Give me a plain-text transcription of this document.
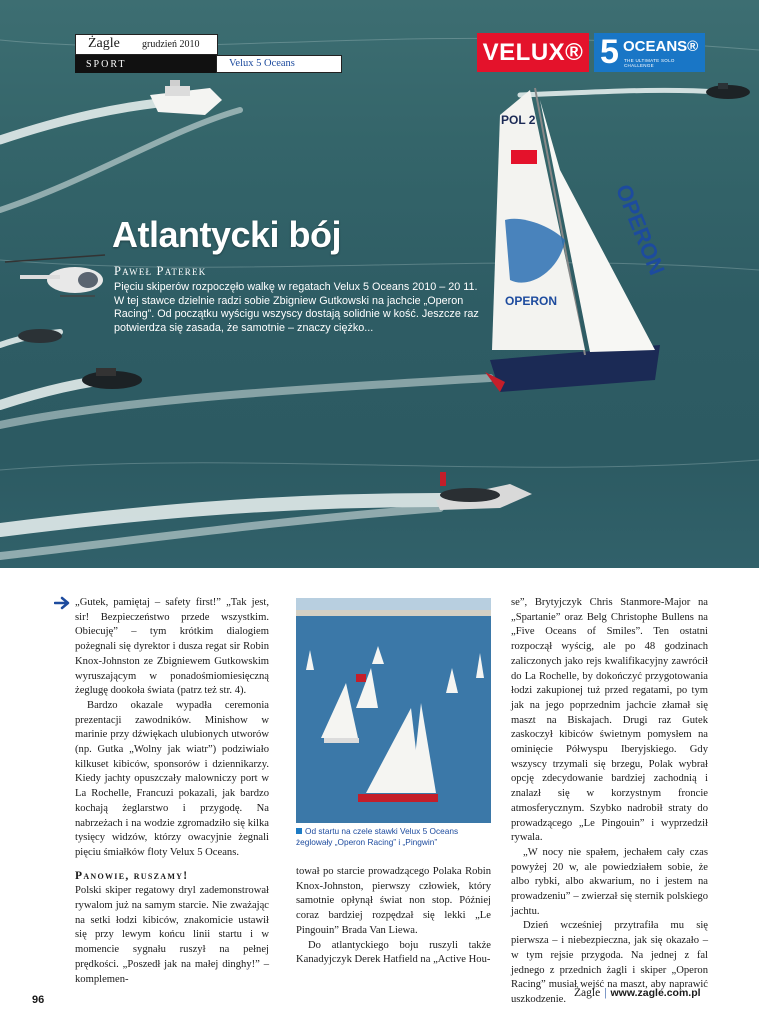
OPERON
OPERON
POL 2
Żagle grudzień 2010
SPORT	Velux 5 Oceans	VELUX® 5 OCEANS®
THE ULTIMATE SOLO CHALLENGE
Atlantycki bój
Paweł Paterek
Pięciu skiperów rozpoczęło walkę w regatach Velux 5 Oceans 2010 – 20 11. W tej stawce dzielnie radzi sobie Zbigniew Gutkowski na jachcie „Operon Racing”. Od początku wyścigu wszyscy dostają solidnie w kość. Jeszcze raz potwierdza się zasada, że samotnie – znaczy ciężko...

„Gutek, pamiętaj – safety first!” „Tak jest, sir! Bezpieczeństwo przede wszystkim. Obiecuję” – tym krótkim dialogiem pożegnali się dyrektor i dusza regat sir Robin Knox-Johnston ze Zbigniewem Gutkowskim wyruszającym w ponadośmiomiesięczną żeglugę dookoła świata (patrz też str. 4).

Bardzo okazale wypadła ceremonia prezentacji zawodników. Minishow w marinie przy dźwiękach ulubionych utworów (np. Gutka „Wolny jak wiatr”) podziwiało kilkuset kibiców, sponsorów i dziennikarzy. Kiedy jachty opuszczały malowniczy port w La Rochelle, Francuzi pokazali, jak bardzo kochają żeglarstwo i przygodę. Na nabrzeżach i na wodzie zgromadziło się kilka tysięcy widzów, którzy owacyjnie żegnali pięciu śmiałków floty Velux 5 Oceans.

Panowie, ruszamy!

Polski skiper regatowy dryl zademonstrował rywalom już na samym starcie. Nie zważając na setki łodzi kibiców, znakomicie ustawił się przy lewym końcu linii startu i w momencie sygnału ruszył na pełnej prędkości. „Poszedł jak na małej dinghy!” – komplemen-

Od startu na czele stawki Velux 5 Oceans żeglowały „Operon Racing” i „Pingwin”

tował po starcie prowadzącego Polaka Robin Knox-Johnston, pierwszy człowiek, który samotnie opłynął świat non stop. Później coraz bardziej rozpędzał się lekki „Le Pingouin” Brada Van Liewa.

Do atlantyckiego boju ruszyli także Kanadyjczyk Derek Hatfield na „Active Hou-

se”, Brytyjczyk Chris Stanmore-Major na „Spartanie” oraz Belg Christophe Bullens na „Five Oceans of Smiles”. Ten ostatni rozpoczął wyścig, ale po 48 godzinach zaliczonych jako rejs kwalifikacyjny zawrócił do La Rochelle, by dokończyć przygotowania łodzi zakupionej tuż przed regatami, po tym jak na jego poprzednim jachcie złamał się maszt na Biskajach. Drugi raz Gutek zaskoczył kibiców świetnym pomysłem na ominięcie Półwyspu Iberyjskiego. Gdy wszyscy trzymali się brzegu, Polak wybrał opcję zdecydowanie bardziej zachodnią i znalazł się w korzystnym froncie atmosferycznym. Szybko nadrobił straty do prowadzącego „Le Pingouin” i wyprzedził rywala.

„W nocy nie spałem, jechałem cały czas powyżej 20 w, ale powiedziałem sobie, że albo rybki, albo akwarium, no i jestem na prowadzeniu” – zwierzał się sternik polskiego jachtu.

Dzień wcześniej przytrafiła mu się pierwsza – i niebezpieczna, jak się okazało – w tym rejsie przygoda. Na jednej z fal jednego z przednich żagli i skiper „Operon Racing” musiał wejść na maszt, aby naprawić uszkodzenie.

96
Żagle | www.zagle.com.pl
